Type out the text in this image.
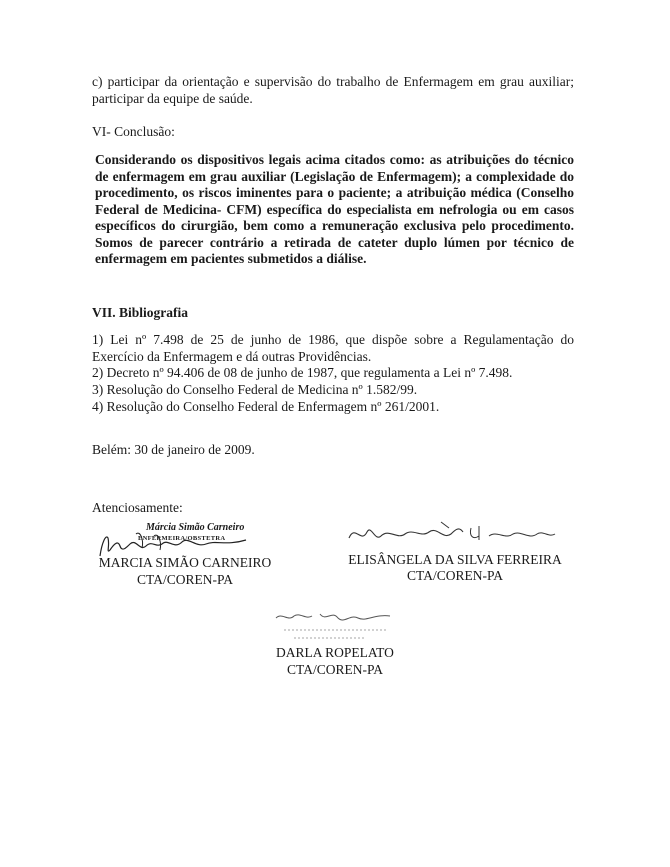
c) participar da orientação e supervisão do trabalho de Enfermagem em grau auxiliar; participar da equipe de saúde.

VI- Conclusão:

Considerando os dispositivos legais acima citados como: as atribuições do técnico de enfermagem em grau auxiliar (Legislação de Enfermagem); a complexidade do procedimento, os riscos iminentes para o paciente; a atribuição médica (Conselho Federal de Medicina- CFM) específica do especialista em nefrologia ou em casos específicos do cirurgião, bem como a remuneração exclusiva pelo procedimento. Somos de parecer contrário a retirada de cateter duplo lúmen por técnico de enfermagem em pacientes submetidos a diálise.

VII. Bibliografia

1) Lei nº 7.498 de 25 de junho de 1986, que dispõe sobre a Regulamentação do Exercício da Enfermagem e dá outras Providências.

2) Decreto nº 94.406 de 08 de junho de 1987, que regulamenta a Lei nº 7.498.
3) Resolução do Conselho Federal de Medicina nº 1.582/99.
4) Resolução do Conselho Federal de Enfermagem nº 261/2001.
Belém: 30 de janeiro de 2009.
Atenciosamente:
Márcia Simão Carneiro
ENFERMEIRA/OBSTETRA
MARCIA SIMÃO CARNEIRO
CTA/COREN-PA
ELISÂNGELA DA SILVA FERREIRA
CTA/COREN-PA
DARLA ROPELATO
CTA/COREN-PA
